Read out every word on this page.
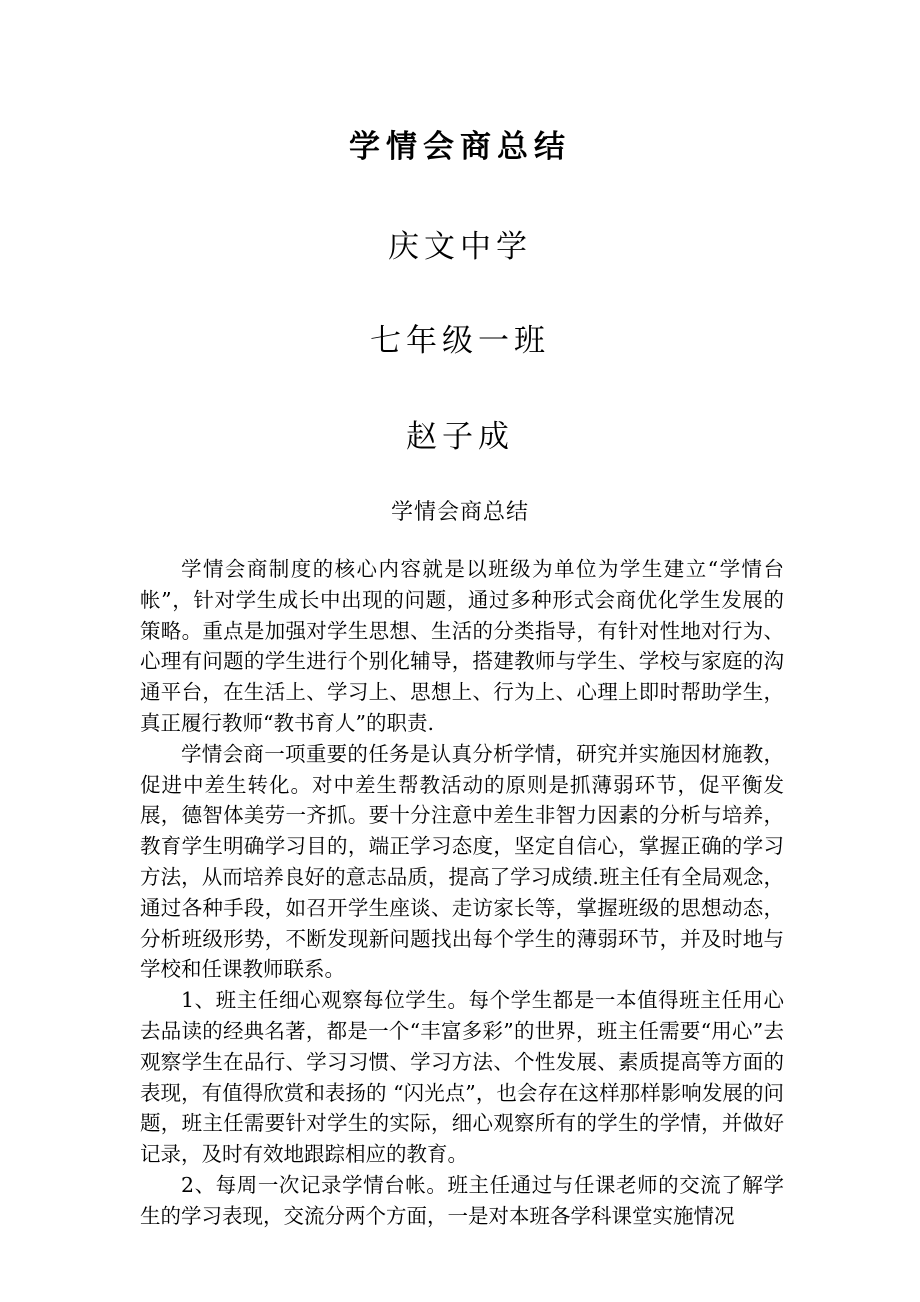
学情会商总结
庆文中学
七年级一班
赵子成
学情会商总结

学情会商制度的核心内容就是以班级为单位为学生建立“学情台帐”，针对学生成长中出现的问题，通过多种形式会商优化学生发展的策略。重点是加强对学生思想、生活的分类指导，有针对性地对行为、心理有问题的学生进行个别化辅导，搭建教师与学生、学校与家庭的沟通平台，在生活上、学习上、思想上、行为上、心理上即时帮助学生，真正履行教师“教书育人”的职责.

学情会商一项重要的任务是认真分析学情，研究并实施因材施教，促进中差生转化。对中差生帮教活动的原则是抓薄弱环节，促平衡发展，德智体美劳一齐抓。要十分注意中差生非智力因素的分析与培养，教育学生明确学习目的，端正学习态度，坚定自信心，掌握正确的学习方法，从而培养良好的意志品质，提高了学习成绩.班主任有全局观念，通过各种手段，如召开学生座谈、走访家长等，掌握班级的思想动态，分析班级形势，不断发现新问题找出每个学生的薄弱环节，并及时地与学校和任课教师联系。

1、班主任细心观察每位学生。每个学生都是一本值得班主任用心去品读的经典名著，都是一个“丰富多彩”的世界，班主任需要“用心”去观察学生在品行、学习习惯、学习方法、个性发展、素质提高等方面的表现，有值得欣赏和表扬的 “闪光点”，也会存在这样那样影响发展的问题，班主任需要针对学生的实际，细心观察所有的学生的学情，并做好记录，及时有效地跟踪相应的教育。

2、每周一次记录学情台帐。班主任通过与任课老师的交流了解学生的学习表现，交流分两个方面，一是对本班各学科课堂实施情况
